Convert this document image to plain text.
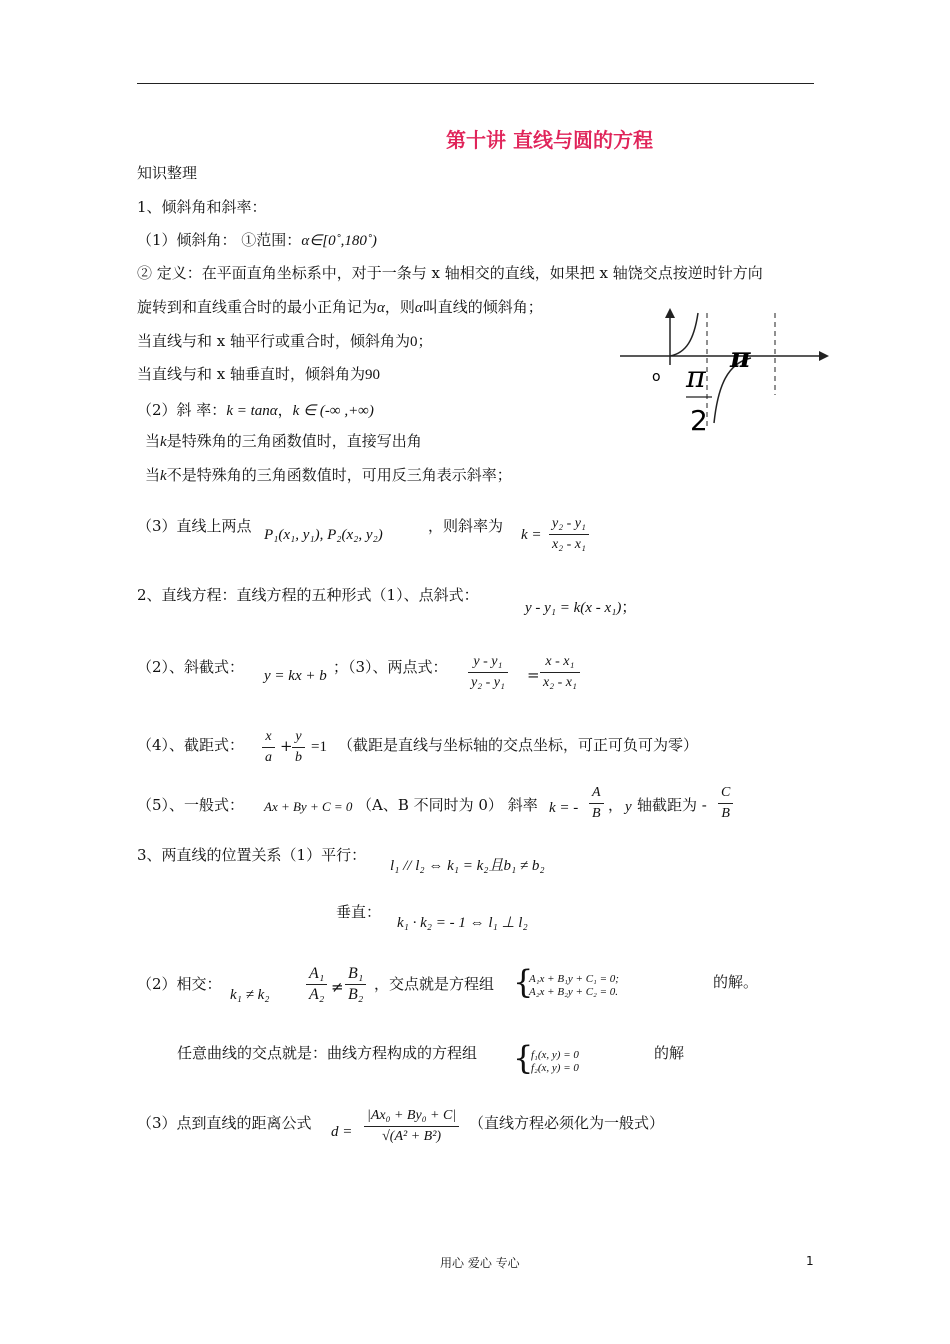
第十讲 直线与圆的方程
知识整理
1、倾斜角和斜率：
（1）倾斜角： ①范围：α∈[0˚,180˚)
② 定义：在平面直角坐标系中，对于一条与 x 轴相交的直线，如果把 x 轴饶交点按逆时针方向
旋转到和直线重合时的最小正角记为α，则α叫直线的倾斜角；
当直线与和 x 轴平行或重合时，倾斜角为0；
当直线与和 x 轴垂直时，倾斜角为90
（2）斜 率：k = tanα，k ∈ (-∞ ,+∞)
当k是特殊角的三角函数值时，直接写出角
当k不是特殊角的三角函数值时，可用反三角表示斜率；
（3）直线上两点 P₁(x₁, y₁), P₂(x₂, y₂)	，则斜率为 $k = \frac{\text{y₂ - y₁}}{\text{x₂ - x₁}}$
o
π
π
2
2、直线方程：直线方程的五种形式（1）、点斜式：
y - y₁ = k(x - x₁)；
（2）、斜截式： y = kx + b ；（3）、两点式： $\frac{\text{y - y₁}}{\text{y₂ - y₁}} = \frac{\text{x - x₁}}{\text{x₂ - x₁}}$
（4）、截距式： $\frac{x}{a} + \frac{y}{b} =1$ （截距是直线与坐标轴的交点坐标，可正可负可为零）
（5）、一般式： Ax + By + C = 0 （A、B 不同时为 0） 斜率 k = - $\frac{A}{B}$ ， y 轴截距为 - $\frac{C}{B}$
3、两直线的位置关系（1）平行：
l₁ // l₂ ⇔ k₁ = k₂且b₁ ≠ b₂
垂直：
k₁ · k₂ = - 1 ⇔ l₁ ⊥ l₂
（2）相交：
$k_1 \ne k_2 \frac{\text{A₁}}{\text{A₂}} \ne \frac{\text{B₁}}{\text{B₂}}$ ，交点就是方程组 {
A₁x + B₁y + C₁ = 0;
A₂x + B₂y + C₂ = 0.
的解。
任意曲线的交点就是：曲线方程构成的方程组 {
f₁(x, y) = 0
f₂(x, y) = 0
的解
（3）点到直线的距离公式 $d = \frac{\text{|Ax₀ + By₀ + C|}}{\text{√(A² + B²)}}$ （直线方程必须化为一般式）
用心 爱心 专心	1
